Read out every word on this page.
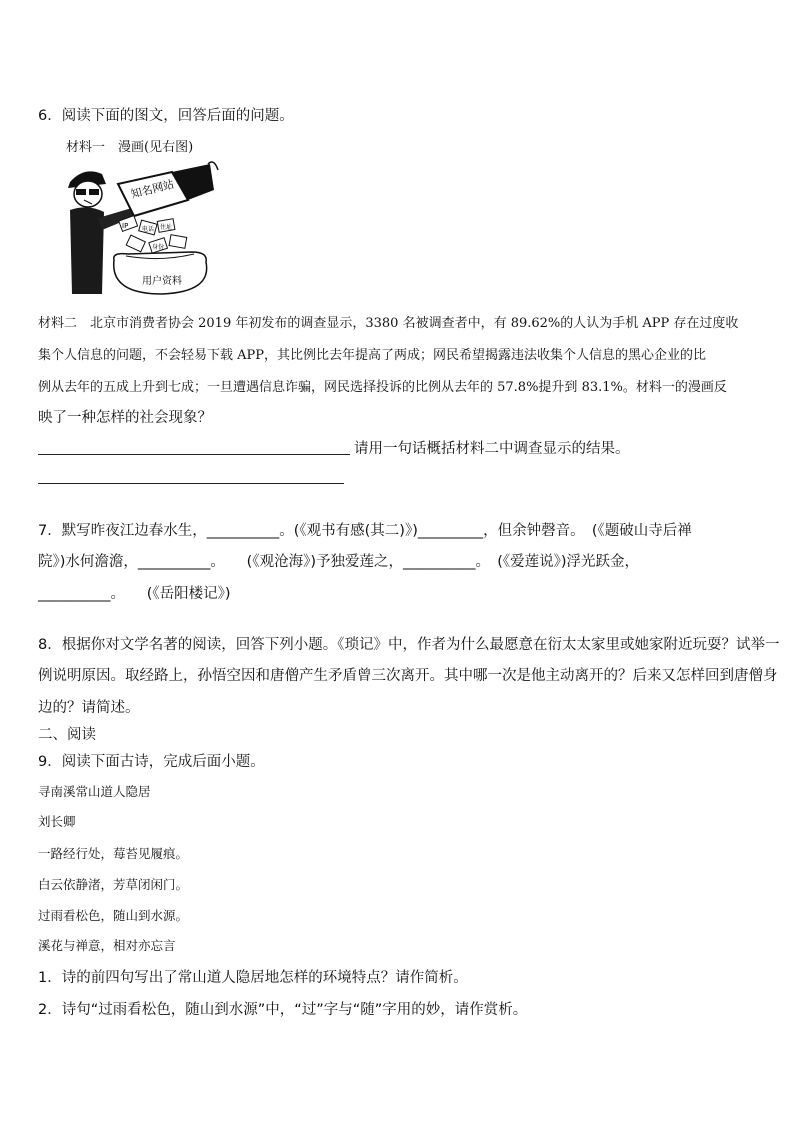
6．阅读下面的图文，回答后面的问题。
材料一　漫画(见右图)
知名网站
IP 电话 住址
身份
用户资料
材料二　北京市消费者协会 2019 年初发布的调查显示，3380 名被调查者中，有 89.62%的人认为手机 APP 存在过度收
集个人信息的问题，不会轻易下载 APP，其比例比去年提高了两成；网民希望揭露违法收集个人信息的黑心企业的比
例从去年的五成上升到七成；一旦遭遇信息诈骗，网民选择投诉的比例从去年的 57.8%提升到 83.1%。材料一的漫画反
映了一种怎样的社会现象？
请用一句话概括材料二中调查显示的结果。
7．默写昨夜江边春水生，__________。(《观书有感(其二)》)_________，但余钟磬音。　(《题破山寺后禅
院》)水何澹澹，__________。　　(《观沧海》)予独爱莲之，__________。　(《爱莲说》)浮光跃金，
__________。　　(《岳阳楼记》)
8．根据你对文学名著的阅读，回答下列小题。《琐记》中，作者为什么最愿意在衍太太家里或她家附近玩耍？试举一
例说明原因。取经路上，孙悟空因和唐僧产生矛盾曾三次离开。其中哪一次是他主动离开的？后来又怎样回到唐僧身
边的？请简述。
二、阅读
9．阅读下面古诗，完成后面小题。
寻南溪常山道人隐居
刘长卿
一路经行处，莓苔见履痕。
白云依静渚，芳草闭闲门。
过雨看松色，随山到水源。
溪花与禅意，相对亦忘言
1．诗的前四句写出了常山道人隐居地怎样的环境特点？请作简析。
2．诗句“过雨看松色，随山到水源”中，“过”字与“随”字用的妙，请作赏析。
